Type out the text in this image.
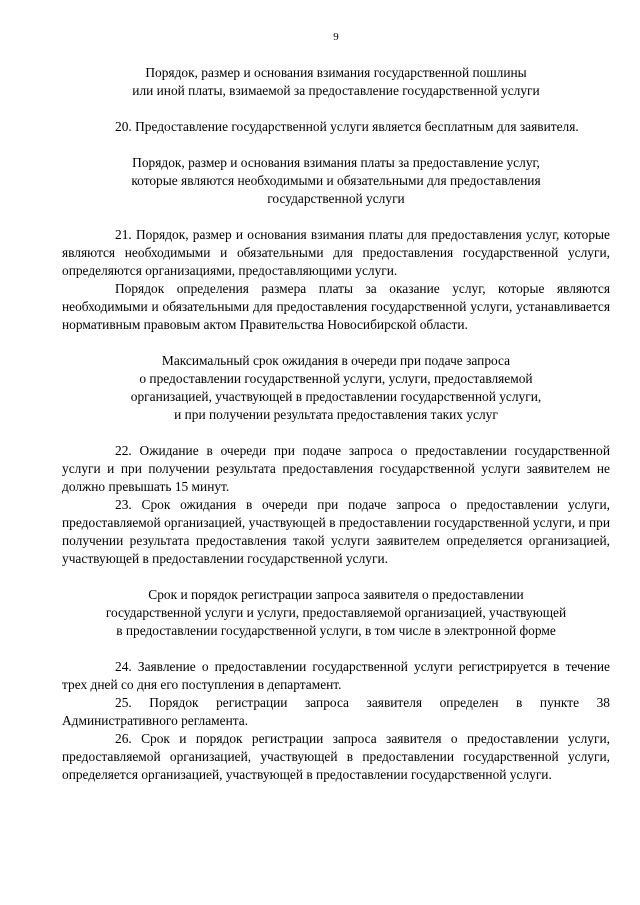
9
Порядок, размер и основания взимания государственной пошлины
или иной платы, взимаемой за предоставление государственной услуги

20. Предоставление государственной услуги является бесплатным для заявителя.

Порядок, размер и основания взимания платы за предоставление услуг,
которые являются необходимыми и обязательными для предоставления
государственной услуги

21. Порядок, размер и основания взимания платы для предоставления услуг, которые являются необходимыми и обязательными для предоставления государственной услуги, определяются организациями, предоставляющими услуги.

Порядок определения размера платы за оказание услуг, которые являются необходимыми и обязательными для предоставления государственной услуги, устанавливается нормативным правовым актом Правительства Новосибирской области.

Максимальный срок ожидания в очереди при подаче запроса
о предоставлении государственной услуги, услуги, предоставляемой
организацией, участвующей в предоставлении государственной услуги,
и при получении результата предоставления таких услуг

22. Ожидание в очереди при подаче запроса о предоставлении государственной услуги и при получении результата предоставления государственной услуги заявителем не должно превышать 15 минут.

23. Срок ожидания в очереди при подаче запроса о предоставлении услуги, предоставляемой организацией, участвующей в предоставлении государственной услуги, и при получении результата предоставления такой услуги заявителем определяется организацией, участвующей в предоставлении государственной услуги.

Срок и порядок регистрации запроса заявителя о предоставлении
государственной услуги и услуги, предоставляемой организацией, участвующей
в предоставлении государственной услуги, в том числе в электронной форме

24. Заявление о предоставлении государственной услуги регистрируется в течение трех дней со дня его поступления в департамент.

25. Порядок регистрации запроса заявителя определен в пункте 38 Административного регламента.

26. Срок и порядок регистрации запроса заявителя о предоставлении услуги, предоставляемой организацией, участвующей в предоставлении государственной услуги, определяется организацией, участвующей в предоставлении государственной услуги.
